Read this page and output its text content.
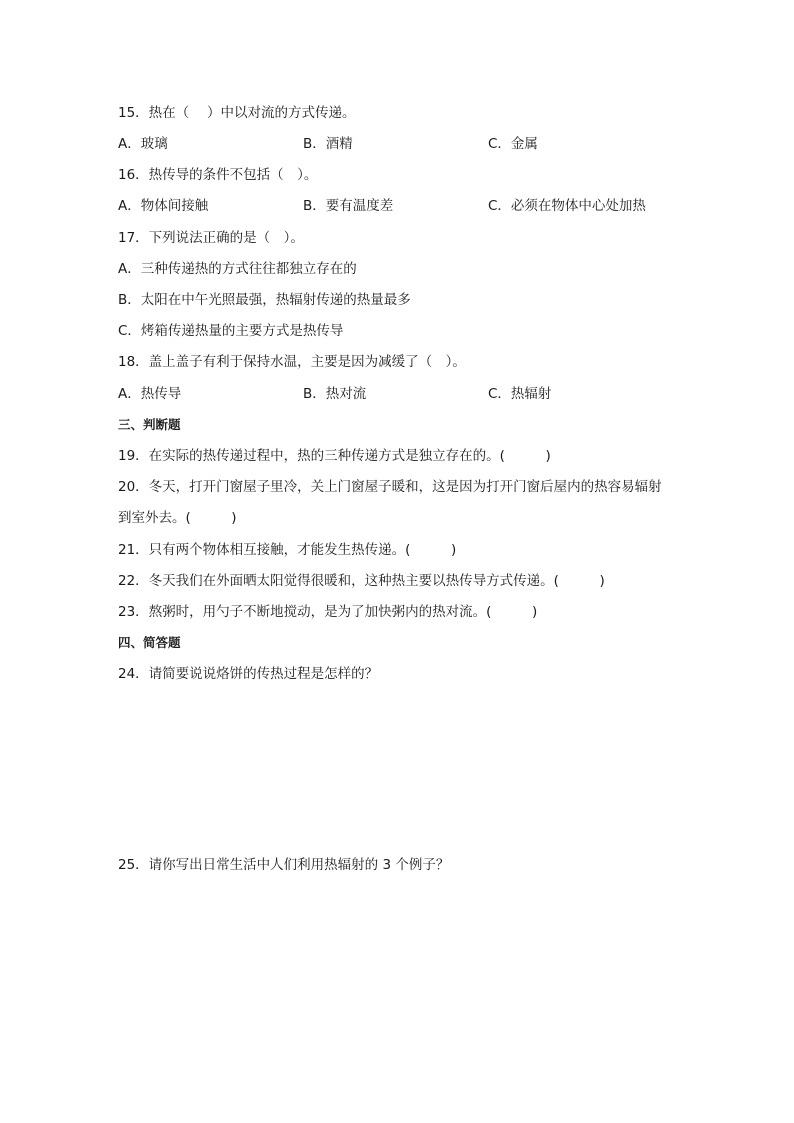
15．热在（　 ）中以对流的方式传递。
A．玻璃	B．酒精	C．金属
16．热传导的条件不包括（　）。
A．物体间接触	B．要有温度差	C．必须在物体中心处加热
17．下列说法正确的是（　）。
A．三种传递热的方式往往都独立存在的
B．太阳在中午光照最强，热辐射传递的热量最多
C．烤箱传递热量的主要方式是热传导
18．盖上盖子有利于保持水温，主要是因为减缓了（　）。
A．热传导	B．热对流	C．热辐射
三、判断题
19．在实际的热传递过程中，热的三种传递方式是独立存在的。(　　　)
20．冬天，打开门窗屋子里冷，关上门窗屋子暖和，这是因为打开门窗后屋内的热容易辐射
到室外去。(　　　)
21．只有两个物体相互接触，才能发生热传递。(　　　)
22．冬天我们在外面晒太阳觉得很暖和，这种热主要以热传导方式传递。(　　　)
23．熬粥时，用勺子不断地搅动，是为了加快粥内的热对流。(　　　)
四、简答题
24．请简要说说烙饼的传热过程是怎样的？
25．请你写出日常生活中人们利用热辐射的 3 个例子？
